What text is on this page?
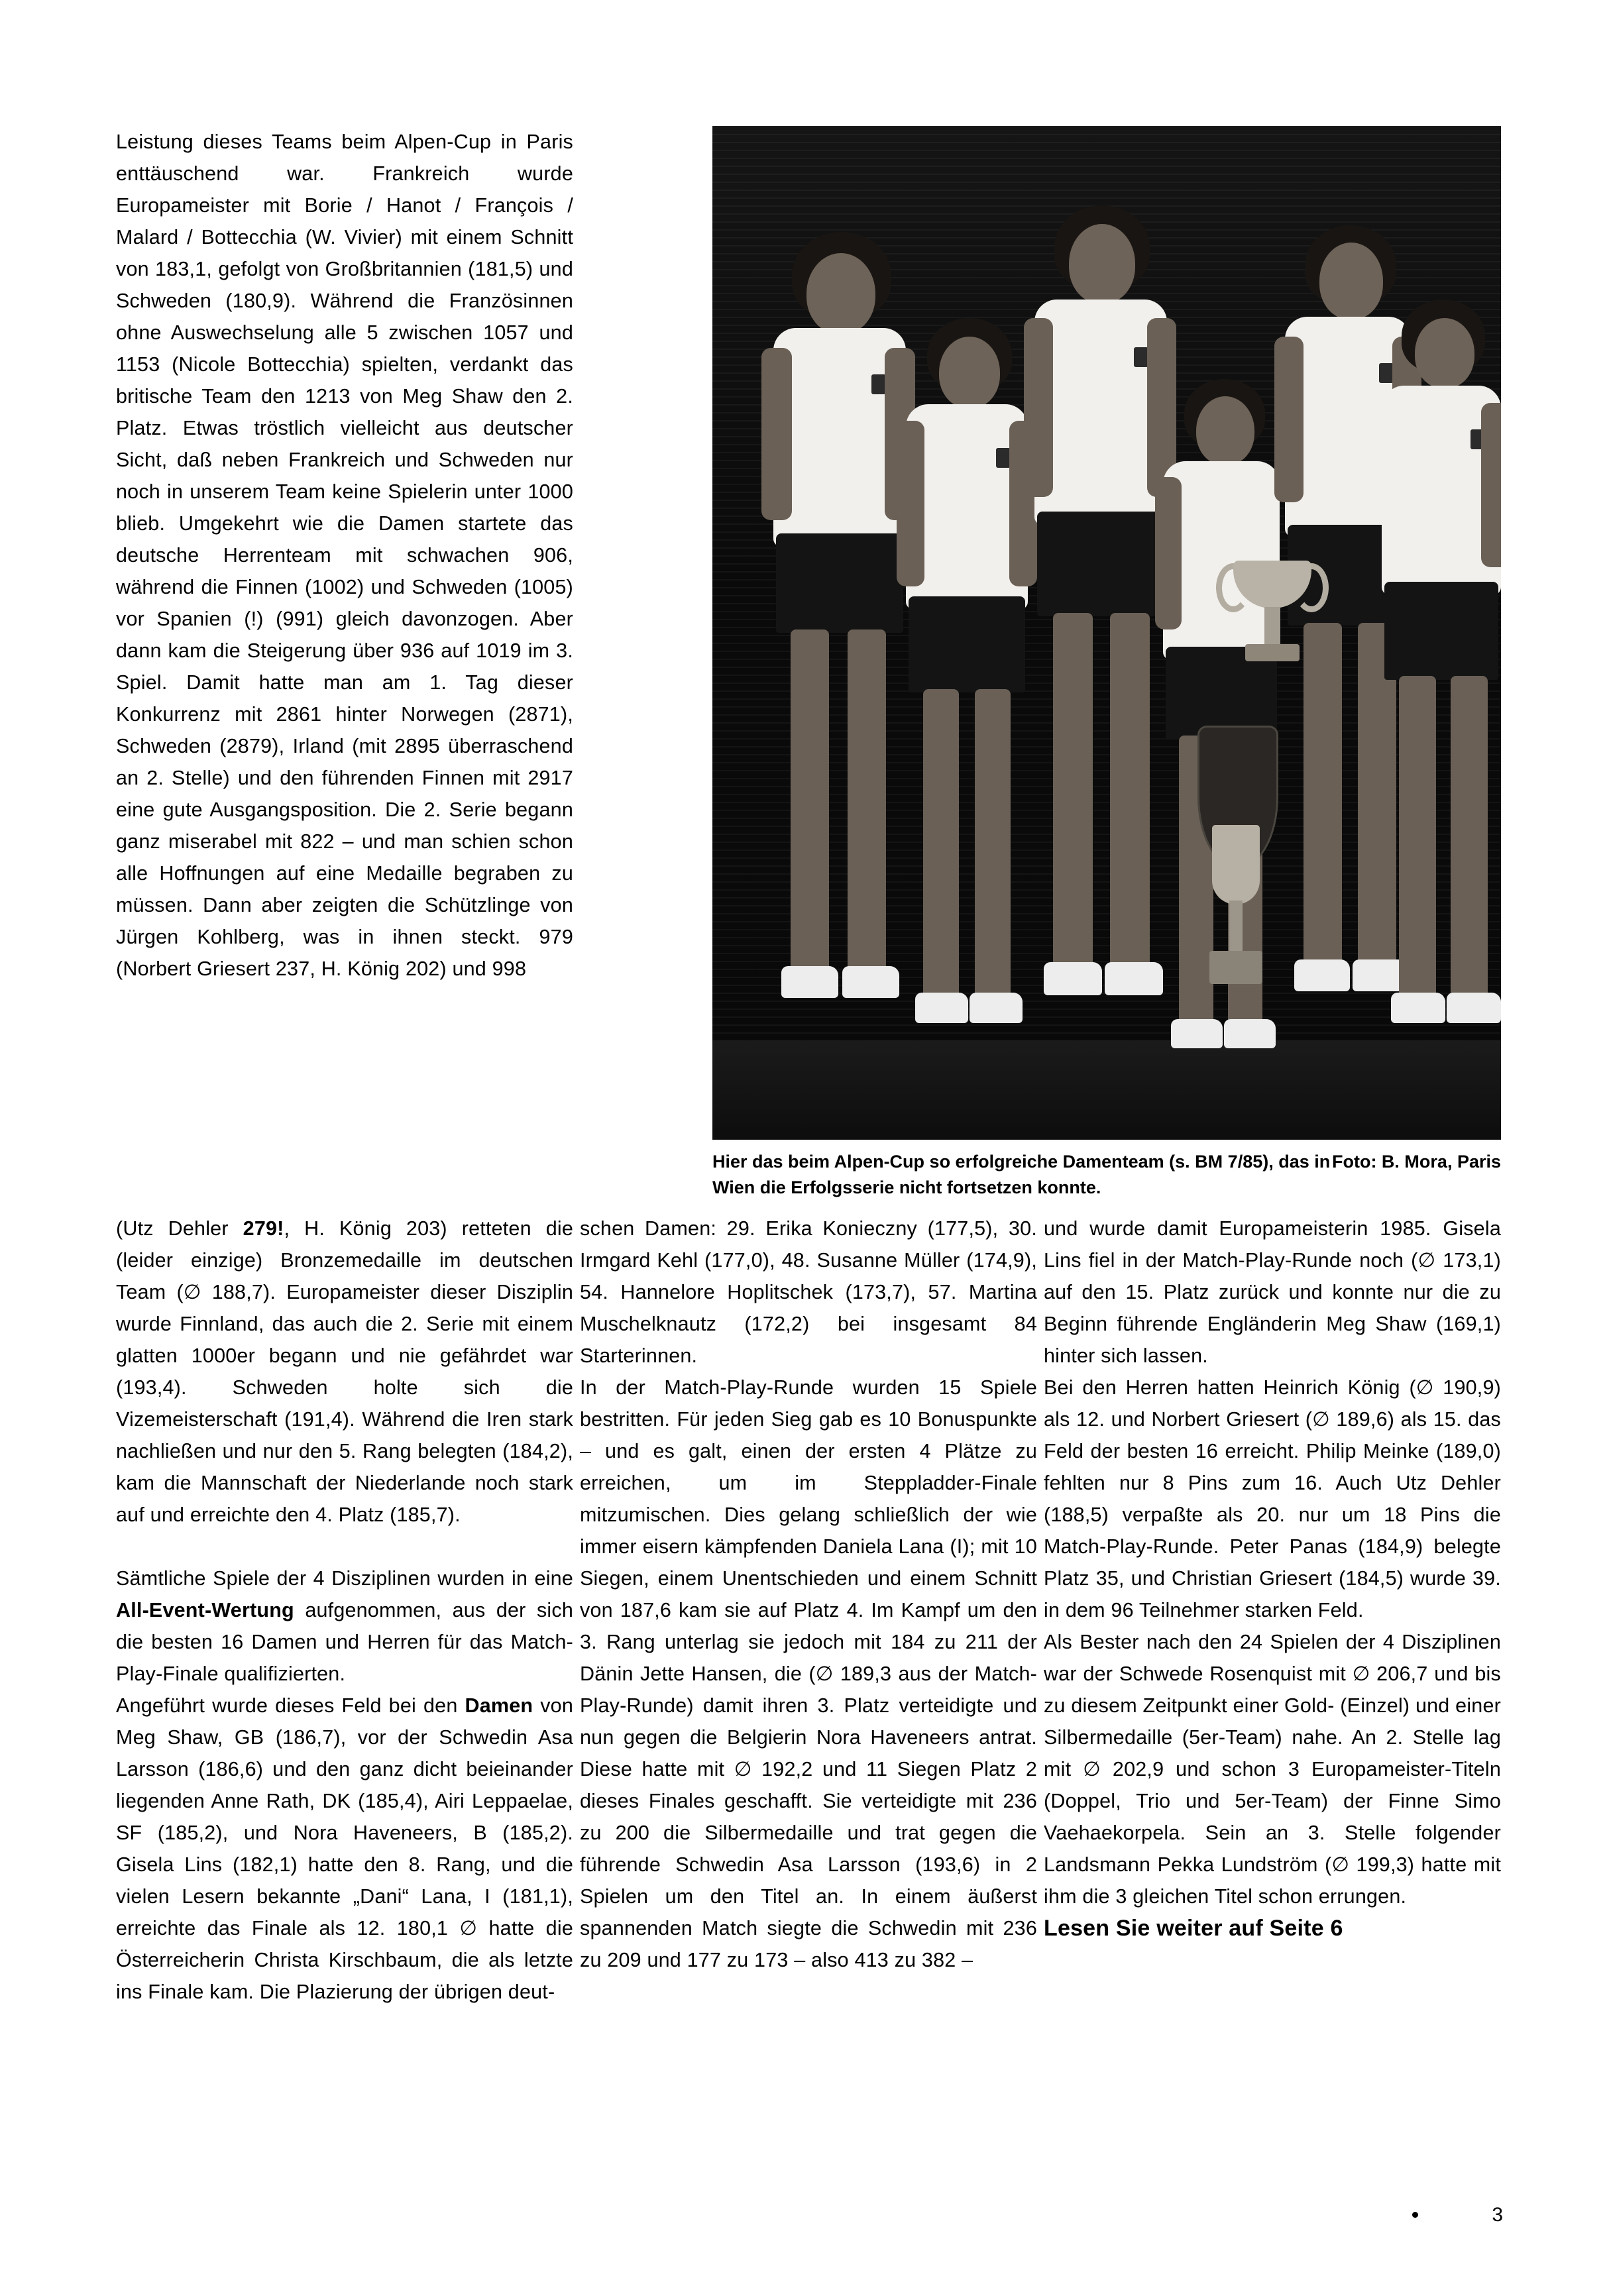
Leistung dieses Teams beim Alpen-Cup in Paris enttäuschend war. Frankreich wurde Europameister mit Borie / Hanot / François / Malard / Bottecchia (W. Vivier) mit einem Schnitt von 183,1, gefolgt von Großbritannien (181,5) und Schweden (180,9). Während die Französinnen ohne Auswechselung alle 5 zwischen 1057 und 1153 (Nicole Bottecchia) spielten, verdankt das britische Team den 1213 von Meg Shaw den 2. Platz. Etwas tröstlich vielleicht aus deutscher Sicht, daß neben Frankreich und Schweden nur noch in unserem Team keine Spielerin unter 1000 blieb. Umgekehrt wie die Damen startete das deutsche Herrenteam mit schwachen 906, während die Finnen (1002) und Schweden (1005) vor Spanien (!) (991) gleich davonzogen. Aber dann kam die Steigerung über 936 auf 1019 im 3. Spiel. Damit hatte man am 1. Tag dieser Konkurrenz mit 2861 hinter Norwegen (2871), Schweden (2879), Irland (mit 2895 überraschend an 2. Stelle) und den führenden Finnen mit 2917 eine gute Ausgangsposition. Die 2. Serie begann ganz miserabel mit 822 – und man schien schon alle Hoffnungen auf eine Medaille begraben zu müssen. Dann aber zeigten die Schützlinge von Jürgen Kohlberg, was in ihnen steckt. 979 (Norbert Griesert 237, H. König 202) und 998

Foto: B. Mora, Paris
Hier das beim Alpen-Cup so erfolgreiche Damenteam (s. BM 7/85), das in Wien die Erfolgsserie nicht fortsetzen konnte.

(Utz Dehler 279!, H. König 203) retteten die (leider einzige) Bronzemedaille im deutschen Team (∅ 188,7). Europameister dieser Disziplin wurde Finnland, das auch die 2. Serie mit einem glatten 1000er begann und nie gefährdet war (193,4). Schweden holte sich die Vizemeisterschaft (191,4). Während die Iren stark nachließen und nur den 5. Rang belegten (184,2), kam die Mannschaft der Niederlande noch stark auf und erreichte den 4. Platz (185,7).

Sämtliche Spiele der 4 Disziplinen wurden in eine All-Event-Wertung aufgenommen, aus der sich die besten 16 Damen und Herren für das Match-Play-Finale qualifizierten.

Angeführt wurde dieses Feld bei den Damen von Meg Shaw, GB (186,7), vor der Schwedin Asa Larsson (186,6) und den ganz dicht beieinander liegenden Anne Rath, DK (185,4), Airi Leppaelae, SF (185,2), und Nora Haveneers, B (185,2). Gisela Lins (182,1) hatte den 8. Rang, und die vielen Lesern bekannte „Dani“ Lana, I (181,1), erreichte das Finale als 12. 180,1 ∅ hatte die Österreicherin Christa Kirschbaum, die als letzte ins Finale kam. Die Plazierung der übrigen deut-

schen Damen: 29. Erika Konieczny (177,5), 30. Irmgard Kehl (177,0), 48. Susanne Müller (174,9), 54. Hannelore Hoplitschek (173,7), 57. Martina Muschelknautz (172,2) bei insgesamt 84 Starterinnen.

In der Match-Play-Runde wurden 15 Spiele bestritten. Für jeden Sieg gab es 10 Bonuspunkte – und es galt, einen der ersten 4 Plätze zu erreichen, um im Steppladder-Finale mitzumischen. Dies gelang schließlich der wie immer eisern kämpfenden Daniela Lana (I); mit 10 Siegen, einem Unentschieden und einem Schnitt von 187,6 kam sie auf Platz 4. Im Kampf um den 3. Rang unterlag sie jedoch mit 184 zu 211 der Dänin Jette Hansen, die (∅ 189,3 aus der Match-Play-Runde) damit ihren 3. Platz verteidigte und nun gegen die Belgierin Nora Haveneers antrat. Diese hatte mit ∅ 192,2 und 11 Siegen Platz 2 dieses Finales geschafft. Sie verteidigte mit 236 zu 200 die Silbermedaille und trat gegen die führende Schwedin Asa Larsson (193,6) in 2 Spielen um den Titel an. In einem äußerst spannenden Match siegte die Schwedin mit 236 zu 209 und 177 zu 173 – also 413 zu 382 –

und wurde damit Europameisterin 1985. Gisela Lins fiel in der Match-Play-Runde noch (∅ 173,1) auf den 15. Platz zurück und konnte nur die zu Beginn führende Engländerin Meg Shaw (169,1) hinter sich lassen.

Bei den Herren hatten Heinrich König (∅ 190,9) als 12. und Norbert Griesert (∅ 189,6) als 15. das Feld der besten 16 erreicht. Philip Meinke (189,0) fehlten nur 8 Pins zum 16. Auch Utz Dehler (188,5) verpaßte als 20. nur um 18 Pins die Match-Play-Runde. Peter Panas (184,9) belegte Platz 35, und Christian Griesert (184,5) wurde 39. in dem 96 Teilnehmer starken Feld.

Als Bester nach den 24 Spielen der 4 Disziplinen war der Schwede Rosenquist mit ∅ 206,7 und bis zu diesem Zeitpunkt einer Gold- (Einzel) und einer Silbermedaille (5er-Team) nahe. An 2. Stelle lag mit ∅ 202,9 und schon 3 Europameister-Titeln (Doppel, Trio und 5er-Team) der Finne Simo Vaehaekorpela. Sein an 3. Stelle folgender Landsmann Pekka Lundström (∅ 199,3) hatte mit ihm die 3 gleichen Titel schon errungen.

Lesen Sie weiter auf Seite 6

3
